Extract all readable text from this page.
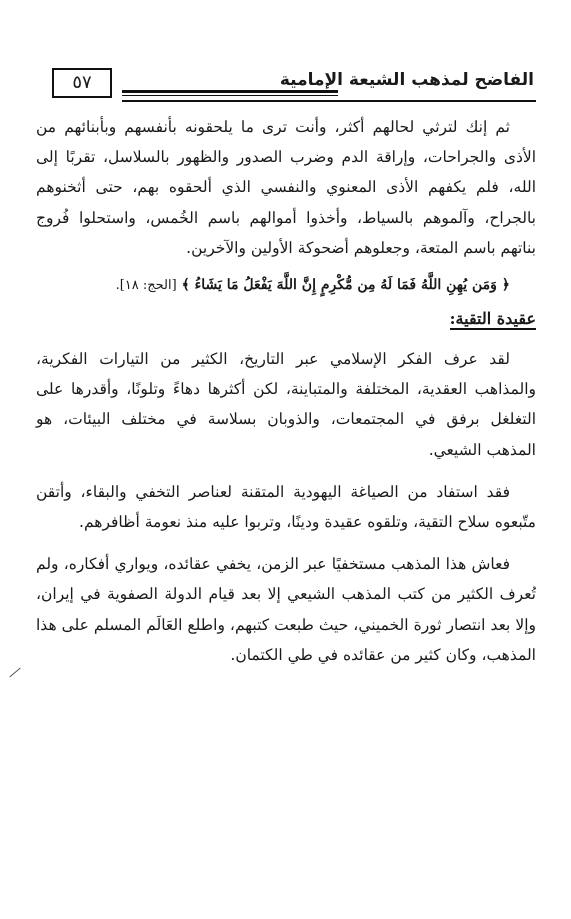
٥٧	الفاضح لمذهب الشيعة الإمامية

ثم إنك لترثي لحالهم أكثر، وأنت ترى ما يلحقونه بأنفسهم وبأبنائهم من الأذى والجراحات، وإراقة الدم وضرب الصدور والظهور بالسلاسل، تقربًا إلى الله، فلم يكفهم الأذى المعنوي والنفسي الذي ألحقوه بهم، حتى أثخنوهم بالجراح، وآلموهم بالسياط، وأخذوا أموالهم باسم الخُمس، واستحلوا فُروج بناتهم باسم المتعة، وجعلوهم أضحوكة الأولين والآخرين.

﴿ وَمَن يُهِنِ اللَّهُ فَمَا لَهُ مِن مُّكْرِمٍ إِنَّ اللَّهَ يَفْعَلُ مَا يَشَاءُ ﴾ [الحج: ١٨].

عقيدة التقية:

لقد عرف الفكر الإسلامي عبر التاريخ، الكثير من التيارات الفكرية، والمذاهب العقدية، المختلفة والمتباينة، لكن أكثرها دهاءً وتلونًا، وأقدرها على التغلغل برفق في المجتمعات، والذوبان بسلاسة في مختلف البيئات، هو المذهب الشيعي.

فقد استفاد من الصياغة اليهودية المتقنة لعناصر التخفي والبقاء، وأتقن متّبعوه سلاح التقية، وتلقوه عقيدة ودينًا، وتربوا عليه منذ نعومة أظافرهم.

فعاش هذا المذهب مستخفيًا عبر الزمن، يخفي عقائده، ويواري أفكاره، ولم تُعرف الكثير من كتب المذهب الشيعي إلا بعد قيام الدولة الصفوية في إيران، وإلا بعد انتصار ثورة الخميني، حيث طبعت كتبهم، واطلع العَالَم المسلم على هذا المذهب، وكان كثير من عقائده في طي الكتمان.
